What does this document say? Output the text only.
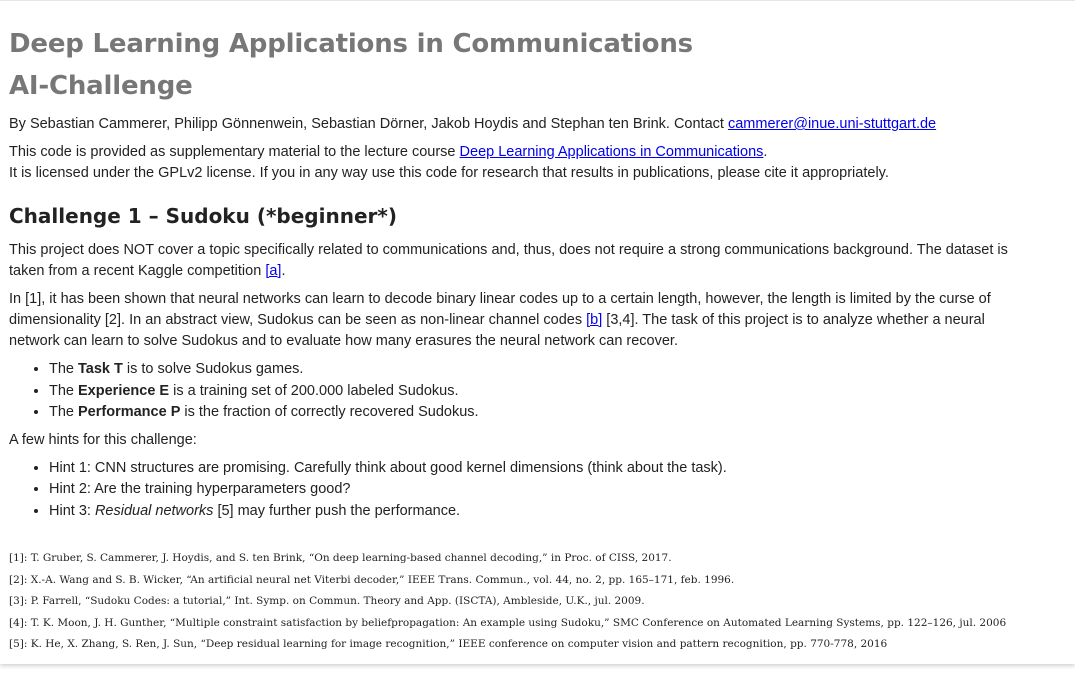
Deep Learning Applications in Communications
AI-Challenge

By Sebastian Cammerer, Philipp Gönnenwein, Sebastian Dörner, Jakob Hoydis and Stephan ten Brink. Contact cammerer@inue.uni-stuttgart.de

This code is provided as supplementary material to the lecture course Deep Learning Applications in Communications.
It is licensed under the GPLv2 license. If you in any way use this code for research that results in publications, please cite it appropriately.

Challenge 1 – Sudoku (*beginner*)

This project does NOT cover a topic specifically related to communications and, thus, does not require a strong communications background. The dataset is taken from a recent Kaggle competition [a].

In [1], it has been shown that neural networks can learn to decode binary linear codes up to a certain length, however, the length is limited by the curse of dimensionality [2]. In an abstract view, Sudokus can be seen as non-linear channel codes [b] [3,4]. The task of this project is to analyze whether a neural network can learn to solve Sudokus and to evaluate how many erasures the neural network can recover.

• The Task T is to solve Sudokus games.
• The Experience E is a training set of 200.000 labeled Sudokus.
• The Performance P is the fraction of correctly recovered Sudokus.

A few hints for this challenge:

• Hint 1: CNN structures are promising. Carefully think about good kernel dimensions (think about the task).
• Hint 2: Are the training hyperparameters good?
• Hint 3: Residual networks [5] may further push the performance.
[1]: T. Gruber, S. Cammerer, J. Hoydis, and S. ten Brink, “On deep learning-based channel decoding,” in Proc. of CISS, 2017.
[2]: X.-A. Wang and S. B. Wicker, “An artificial neural net Viterbi decoder,” IEEE Trans. Commun., vol. 44, no. 2, pp. 165–171, feb. 1996.
[3]: P. Farrell, “Sudoku Codes: a tutorial,” Int. Symp. on Commun. Theory and App. (ISCTA), Ambleside, U.K., jul. 2009.
[4]: T. K. Moon, J. H. Gunther, “Multiple constraint satisfaction by beliefpropagation: An example using Sudoku,” SMC Conference on Automated Learning Systems, pp. 122–126, jul. 2006
[5]: K. He, X. Zhang, S. Ren, J. Sun, “Deep residual learning for image recognition,” IEEE conference on computer vision and pattern recognition, pp. 770-778, 2016
